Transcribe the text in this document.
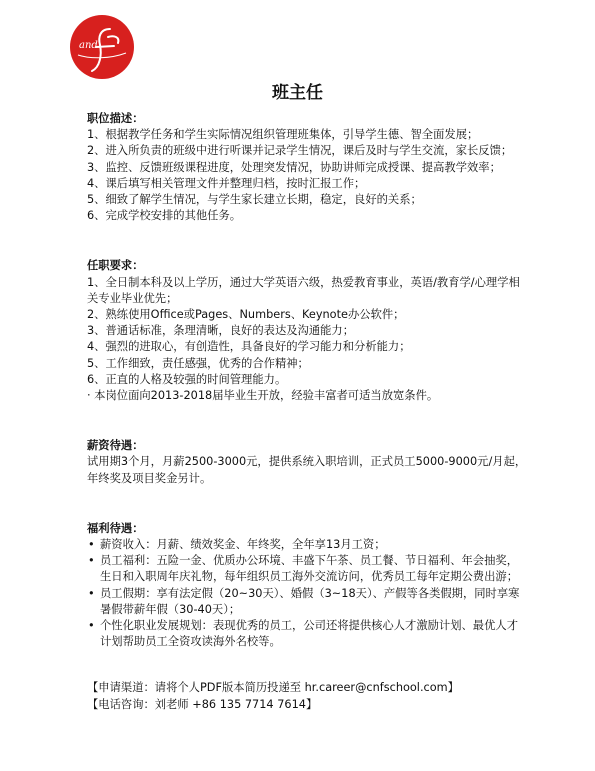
and
班主任

职位描述：

1、根据教学任务和学生实际情况组织管理班集体，引导学生德、智全面发展；

2、进入所负责的班级中进行听课并记录学生情况，课后及时与学生交流，家长反馈；

3、监控、反馈班级课程进度，处理突发情况，协助讲师完成授课、提高教学效率；

4、课后填写相关管理文件并整理归档，按时汇报工作；

5、细致了解学生情况，与学生家长建立长期，稳定，良好的关系；

6、完成学校安排的其他任务。

任职要求：

1、全日制本科及以上学历，通过大学英语六级，热爱教育事业，英语/教育学/心理学相关专业毕业优先；

2、熟练使用Office或Pages、Numbers、Keynote办公软件；

3、普通话标准，条理清晰，良好的表达及沟通能力；

4、强烈的进取心，有创造性，具备良好的学习能力和分析能力；

5、工作细致，责任感强，优秀的合作精神；

6、正直的人格及较强的时间管理能力。

· 本岗位面向2013-2018届毕业生开放，经验丰富者可适当放宽条件。

薪资待遇：

试用期3个月，月薪2500-3000元，提供系统入职培训，正式员工5000-9000元/月起，年终奖及项目奖金另计。

福利待遇：

• 薪资收入：月薪、绩效奖金、年终奖，全年享13月工资；

• 员工福利：五险一金、优质办公环境、丰盛下午茶、员工餐、节日福利、年会抽奖，生日和入职周年庆礼物，每年组织员工海外交流访问，优秀员工每年定期公费出游；

• 员工假期：享有法定假（20~30天）、婚假（3~18天）、产假等各类假期，同时享寒暑假带薪年假（30-40天）；

• 个性化职业发展规划：表现优秀的员工，公司还将提供核心人才激励计划、最优人才计划帮助员工全资攻读海外名校等。

【申请渠道：请将个人PDF版本简历投递至 hr.career@cnfschool.com】

【电话咨询：刘老师 +86 135 7714 7614】
